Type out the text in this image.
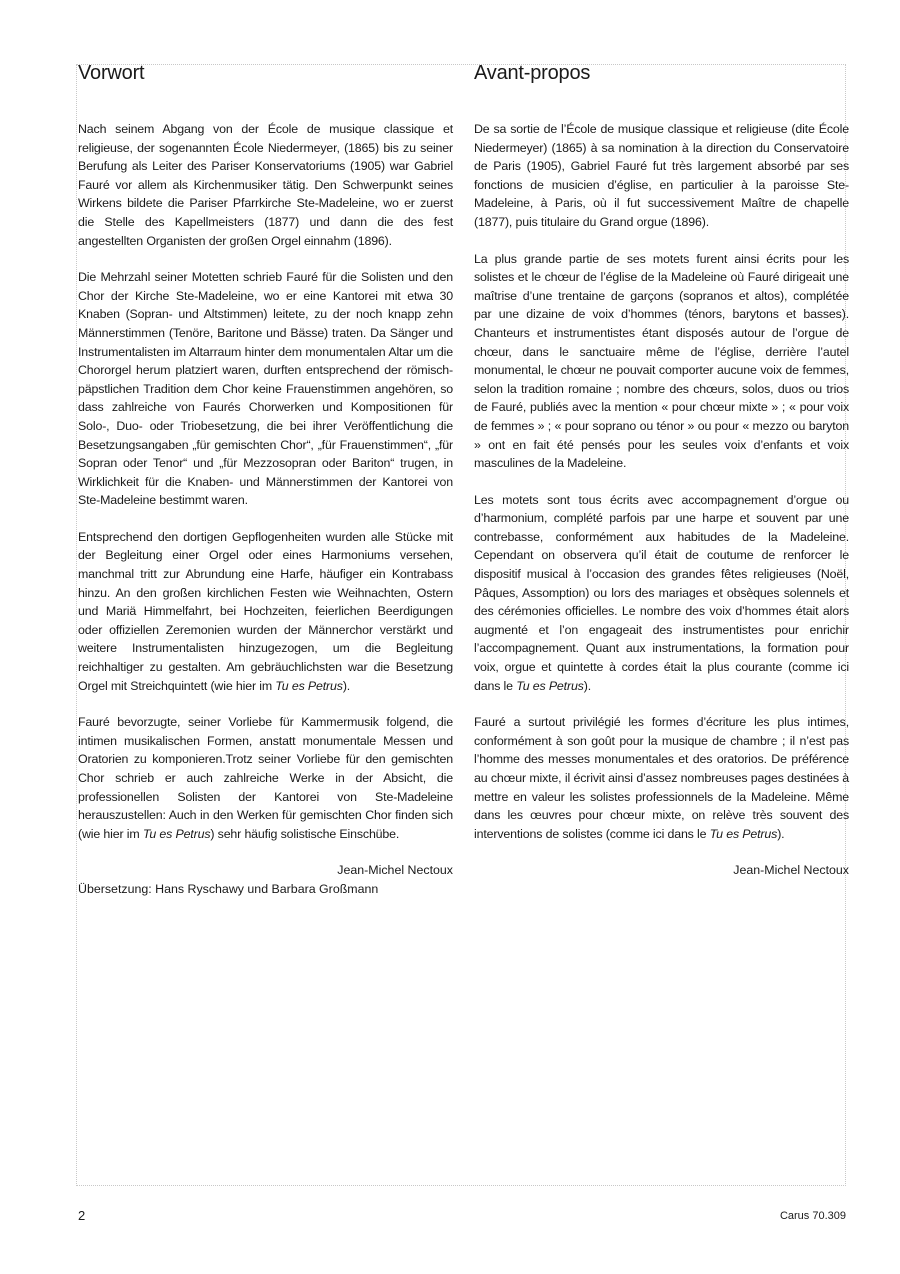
Vorwort

Nach seinem Abgang von der École de musique classique et religieuse, der sogenannten École Niedermeyer, (1865) bis zu seiner Berufung als Leiter des Pariser Konservatoriums (1905) war Gabriel Fauré vor allem als Kirchenmusiker tätig. Den Schwerpunkt seines Wirkens bildete die Pariser Pfarrkirche Ste-Madeleine, wo er zuerst die Stelle des Kapellmeisters (1877) und dann die des fest angestellten Organisten der großen Orgel einnahm (1896).

Die Mehrzahl seiner Motetten schrieb Fauré für die Solisten und den Chor der Kirche Ste-Madeleine, wo er eine Kantorei mit etwa 30 Knaben (Sopran- und Altstimmen) leitete, zu der noch knapp zehn Männerstimmen (Tenöre, Baritone und Bässe) traten. Da Sänger und Instrumentalisten im Altarraum hinter dem monumentalen Altar um die Chororgel herum platziert waren, durften entsprechend der römisch-päpstlichen Tradition dem Chor keine Frauenstimmen angehören, so dass zahlreiche von Faurés Chorwerken und Kompositionen für Solo-, Duo- oder Triobesetzung, die bei ihrer Veröffentlichung die Besetzungsangaben „für gemischten Chor“, „für Frauenstimmen“, „für Sopran oder Tenor“ und „für Mezzosopran oder Bariton“ trugen, in Wirklichkeit für die Knaben- und Männerstimmen der Kantorei von Ste-Madeleine bestimmt waren.

Entsprechend den dortigen Gepflogenheiten wurden alle Stücke mit der Begleitung einer Orgel oder eines Harmoniums versehen, manchmal tritt zur Abrundung eine Harfe, häufiger ein Kontrabass hinzu. An den großen kirchlichen Festen wie Weihnachten, Ostern und Mariä Himmelfahrt, bei Hochzeiten, feierlichen Beerdigungen oder offiziellen Zeremonien wurden der Männerchor verstärkt und weitere Instrumentalisten hinzugezogen, um die Begleitung reichhaltiger zu gestalten. Am gebräuchlichsten war die Besetzung Orgel mit Streichquintett (wie hier im Tu es Petrus).

Fauré bevorzugte, seiner Vorliebe für Kammermusik folgend, die intimen musikalischen Formen, anstatt monumentale Messen und Oratorien zu komponieren.Trotz seiner Vorliebe für den gemischten Chor schrieb er auch zahlreiche Werke in der Absicht, die professionellen Solisten der Kantorei von Ste-Madeleine herauszustellen: Auch in den Werken für gemischten Chor finden sich (wie hier im Tu es Petrus) sehr häufig solistische Einschübe.

Jean-Michel Nectoux

Übersetzung: Hans Ryschawy und Barbara Großmann

Avant-propos

De sa sortie de l’École de musique classique et religieuse (dite École Niedermeyer) (1865) à sa nomination à la direction du Conservatoire de Paris (1905), Gabriel Fauré fut très largement absorbé par ses fonctions de musicien d’église, en particulier à la paroisse Ste-Madeleine, à Paris, où il fut successivement Maître de chapelle (1877), puis titulaire du Grand orgue (1896).

La plus grande partie de ses motets furent ainsi écrits pour les solistes et le chœur de l’église de la Madeleine où Fauré dirigeait une maîtrise d’une trentaine de garçons (sopranos et altos), complétée par une dizaine de voix d’hommes (ténors, barytons et basses). Chanteurs et instrumentistes étant disposés autour de l’orgue de chœur, dans le sanctuaire même de l’église, derrière l’autel monumental, le chœur ne pouvait comporter aucune voix de femmes, selon la tradition romaine ; nombre des chœurs, solos, duos ou trios de Fauré, publiés avec la mention « pour chœur mixte » ; « pour voix de femmes » ; « pour soprano ou ténor » ou pour « mezzo ou baryton » ont en fait été pensés pour les seules voix d’enfants et voix masculines de la Madeleine.

Les motets sont tous écrits avec accompagnement d’orgue ou d’harmonium, complété parfois par une harpe et souvent par une contrebasse, conformément aux habitudes de la Madeleine. Cependant on observera qu’il était de coutume de renforcer le dispositif musical à l’occasion des grandes fêtes religieuses (Noël, Pâques, Assomption) ou lors des mariages et obsèques solennels et des cérémonies officielles. Le nombre des voix d’hommes était alors augmenté et l’on engageait des instrumentistes pour enrichir l’accompagnement. Quant aux instrumentations, la formation pour voix, orgue et quintette à cordes était la plus courante (comme ici dans le Tu es Petrus).

Fauré a surtout privilégié les formes d’écriture les plus intimes, conformément à son goût pour la musique de chambre ; il n’est pas l’homme des messes monumentales et des oratorios. De préférence au chœur mixte, il écrivit ainsi d’assez nombreuses pages destinées à mettre en valeur les solistes professionnels de la Madeleine. Même dans les œuvres pour chœur mixte, on relève très souvent des interventions de solistes (comme ici dans le Tu es Petrus).

Jean-Michel Nectoux

2	Carus 70.309
